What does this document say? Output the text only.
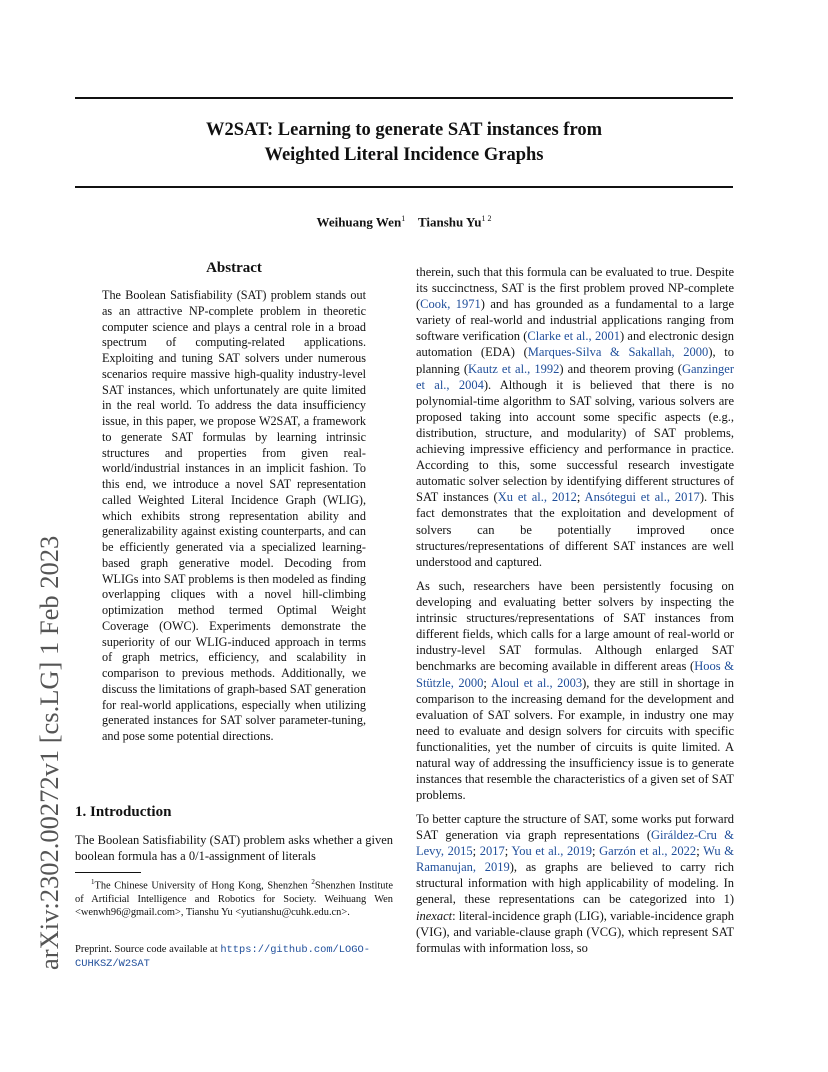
W2SAT: Learning to generate SAT instances from
Weighted Literal Incidence Graphs
Weihuang Wen$^1$ Tianshu $Yu^{1 2}$
arXiv:2302.00272v1 [cs.LG] 1 Feb 2023
Abstract

The Boolean Satisfiability (SAT) problem stands out as an attractive NP-complete problem in theoretic computer science and plays a central role in a broad spectrum of computing-related applications. Exploiting and tuning SAT solvers under numerous scenarios require massive high-quality industry-level SAT instances, which unfortunately are quite limited in the real world. To address the data insufficiency issue, in this paper, we propose W2SAT, a framework to generate SAT formulas by learning intrinsic structures and properties from given real-world/industrial instances in an implicit fashion. To this end, we introduce a novel SAT representation called Weighted Literal Incidence Graph (WLIG), which exhibits strong representation ability and generalizability against existing counterparts, and can be efficiently generated via a specialized learning-based graph generative model. Decoding from WLIGs into SAT problems is then modeled as finding overlapping cliques with a novel hill-climbing optimization method termed Optimal Weight Coverage (OWC). Experiments demonstrate the superiority of our WLIG-induced approach in terms of graph metrics, efficiency, and scalability in comparison to previous methods. Additionally, we discuss the limitations of graph-based SAT generation for real-world applications, especially when utilizing generated instances for SAT solver parameter-tuning, and pose some potential directions.

1. Introduction

The Boolean Satisfiability (SAT) problem asks whether a given boolean formula has a 0/1-assignment of literals

$^1$The Chinese University of Hong Kong, Shenzhen $^2$Shenzhen Institute of Artificial Intelligence and Robotics for Society. Weihuang Wen <wenwh96@gmail.com>, Tianshu Yu <yutianshu@cuhk.edu.cn>.

Preprint. Source code available at https://github.com/LOGO-CUHKSZ/W2SAT

therein, such that this formula can be evaluated to true. Despite its succinctness, SAT is the first problem proved NP-complete (Cook, 1971) and has grounded as a fundamental to a large variety of real-world and industrial applications ranging from software verification (Clarke et al., 2001) and electronic design automation (EDA) (Marques-Silva & Sakallah, 2000), to planning (Kautz et al., 1992) and theorem proving (Ganzinger et al., 2004). Although it is believed that there is no polynomial-time algorithm to SAT solving, various solvers are proposed taking into account some specific aspects (e.g., distribution, structure, and modularity) of SAT problems, achieving impressive efficiency and performance in practice. According to this, some successful research investigate automatic solver selection by identifying different structures of SAT instances (Xu et al., 2012; Ansótegui et al., 2017). This fact demonstrates that the exploitation and development of solvers can be potentially improved once structures/representations of different SAT instances are well understood and captured.

As such, researchers have been persistently focusing on developing and evaluating better solvers by inspecting the intrinsic structures/representations of SAT instances from different fields, which calls for a large amount of real-world or industry-level SAT formulas. Although enlarged SAT benchmarks are becoming available in different areas (Hoos & Stützle, 2000; Aloul et al., 2003), they are still in shortage in comparison to the increasing demand for the development and evaluation of SAT solvers. For example, in industry one may need to evaluate and design solvers for circuits with specific functionalities, yet the number of circuits is quite limited. A natural way of addressing the insufficiency issue is to generate instances that resemble the characteristics of a given set of SAT problems.

To better capture the structure of SAT, some works put forward SAT generation via graph representations (Giráldez-Cru & Levy, 2015; 2017; You et al., 2019; Garzón et al., 2022; Wu & Ramanujan, 2019), as graphs are believed to carry rich structural information with high applicability of modeling. In general, these representations can be categorized into 1) inexact: literal-incidence graph (LIG), variable-incidence graph (VIG), and variable-clause graph (VCG), which represent SAT formulas with information loss, so
